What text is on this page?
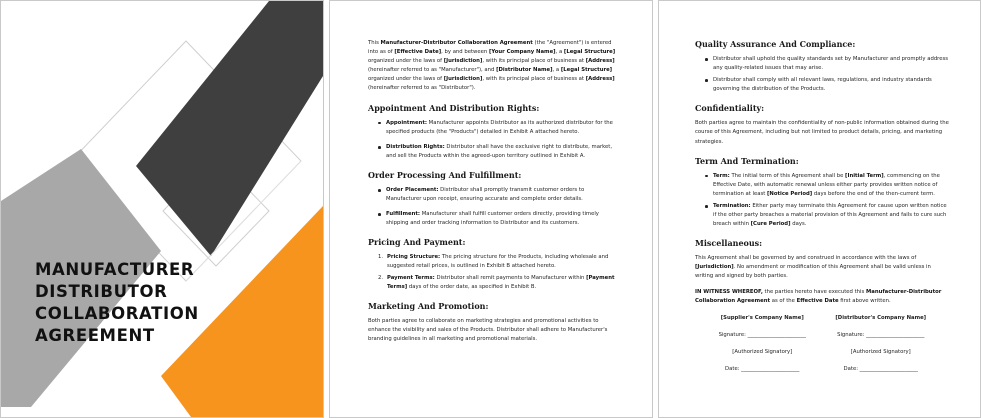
MANUFACTURER
DISTRIBUTOR
COLLABORATION
AGREEMENT

This Manufacturer-Distributor Collaboration Agreement (the "Agreement") is entered into as of [Effective Date], by and between [Your Company Name], a [Legal Structure] organized under the laws of [Jurisdiction], with its principal place of business at [Address] (hereinafter referred to as "Manufacturer"), and [Distributor Name], a [Legal Structure] organized under the laws of [Jurisdiction], with its principal place of business at [Address] (hereinafter referred to as "Distributor").

Appointment And Distribution Rights:
Appointment: Manufacturer appoints Distributor as its authorized distributor for the specified products (the "Products") detailed in Exhibit A attached hereto.
Distribution Rights: Distributor shall have the exclusive right to distribute, market, and sell the Products within the agreed-upon territory outlined in Exhibit A.
Order Processing And Fulfillment:
Order Placement: Distributor shall promptly transmit customer orders to Manufacturer upon receipt, ensuring accurate and complete order details.
Fulfillment: Manufacturer shall fulfill customer orders directly, providing timely shipping and order tracking information to Distributor and its customers.
Pricing And Payment:
1. Pricing Structure: The pricing structure for the Products, including wholesale and suggested retail prices, is outlined in Exhibit B attached hereto.
2. Payment Terms: Distributor shall remit payments to Manufacturer within [Payment Terms] days of the order date, as specified in Exhibit B.
Marketing And Promotion:

Both parties agree to collaborate on marketing strategies and promotional activities to enhance the visibility and sales of the Products. Distributor shall adhere to Manufacturer's branding guidelines in all marketing and promotional materials.

Quality Assurance And Compliance:
Distributor shall uphold the quality standards set by Manufacturer and promptly address any quality-related issues that may arise.
Distributor shall comply with all relevant laws, regulations, and industry standards governing the distribution of the Products.
Confidentiality:

Both parties agree to maintain the confidentiality of non-public information obtained during the course of this Agreement, including but not limited to product details, pricing, and marketing strategies.

Term And Termination:
Term: The initial term of this Agreement shall be [Initial Term], commencing on the Effective Date, with automatic renewal unless either party provides written notice of termination at least [Notice Period] days before the end of the then-current term.
Termination: Either party may terminate this Agreement for cause upon written notice if the other party breaches a material provision of this Agreement and fails to cure such breach within [Cure Period] days.
Miscellaneous:

This Agreement shall be governed by and construed in accordance with the laws of [Jurisdiction]. No amendment or modification of this Agreement shall be valid unless in writing and signed by both parties.

IN WITNESS WHEREOF, the parties hereto have executed this Manufacturer-Distributor Collaboration Agreement as of the Effective Date first above written.

[Supplier's Company Name]
Signature: ______________________
[Authorized Signatory]
Date: ______________________
[Distributor's Company Name]
Signature: ______________________
[Authorized Signatory]
Date: ______________________
